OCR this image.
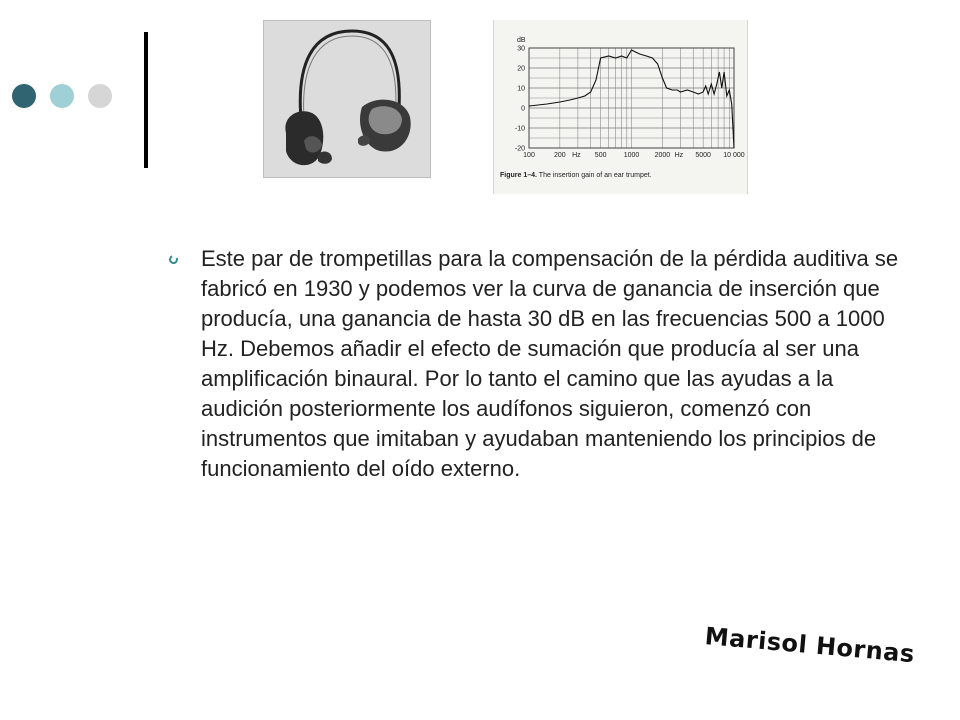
dB
30
20
10
0
-10
-20
100	200 Hz 500 1000 2000 Hz 5000 10 000
Figure 1–4. The insertion gain of an ear trumpet.
Este par de trompetillas para la compensación de la pérdida auditiva se fabricó en 1930 y podemos ver la curva de ganancia de inserción que producía, una ganancia de hasta 30 dB en las frecuencias 500 a 1000 Hz. Debemos añadir el efecto de sumación que producía al ser una amplificación binaural. Por lo tanto el camino que las ayudas a la audición posteriormente los audífonos siguieron, comenzó con instrumentos que imitaban y ayudaban manteniendo los principios de funcionamiento del oído externo.
Marisol Hornas
